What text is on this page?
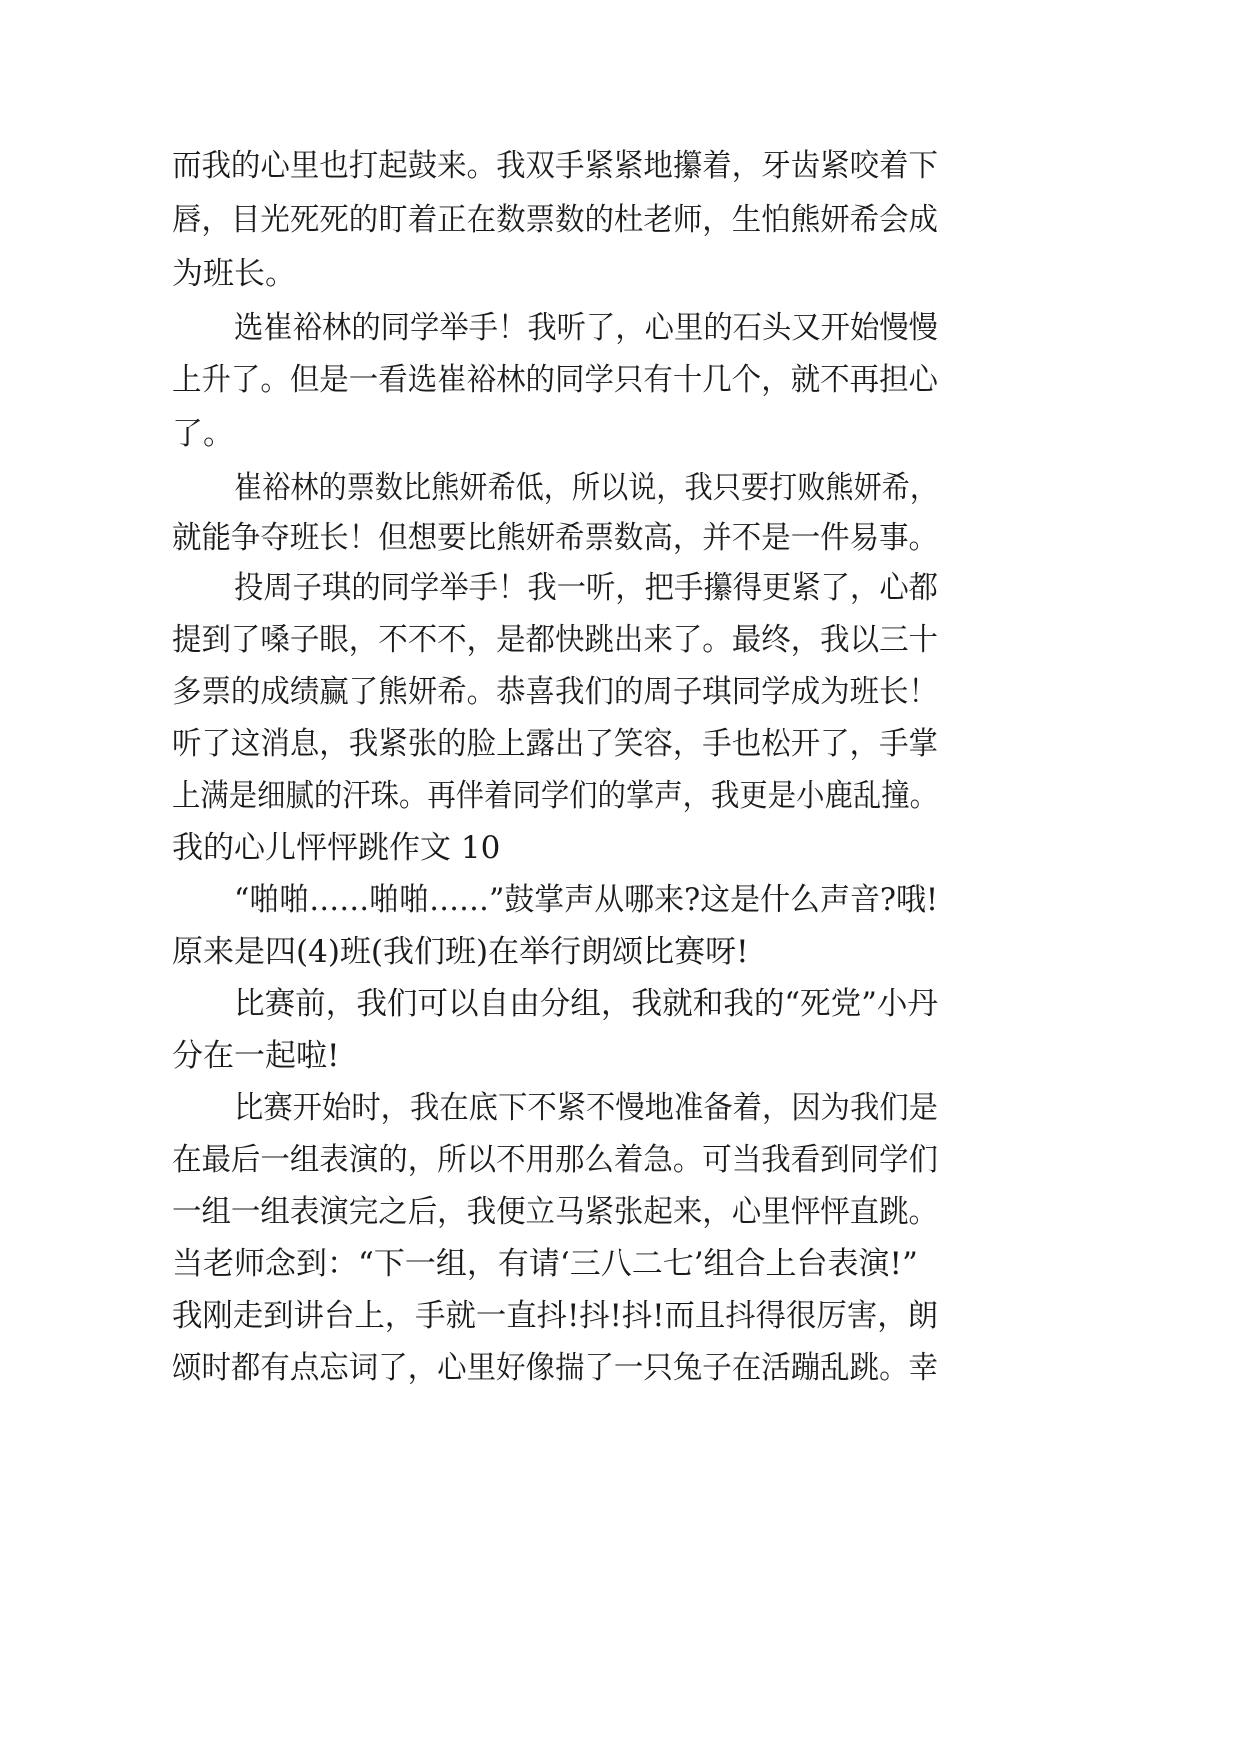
而我的心里也打起鼓来。我双手紧紧地攥着，牙齿紧咬着下
唇，目光死死的盯着正在数票数的杜老师，生怕熊妍希会成
为班长。
选崔裕林的同学举手！我听了，心里的石头又开始慢慢
上升了。但是一看选崔裕林的同学只有十几个，就不再担心
了。
崔裕林的票数比熊妍希低，所以说，我只要打败熊妍希，
就能争夺班长！但想要比熊妍希票数高，并不是一件易事。
投周子琪的同学举手！我一听，把手攥得更紧了，心都
提到了嗓子眼，不不不，是都快跳出来了。最终，我以三十
多票的成绩赢了熊妍希。恭喜我们的周子琪同学成为班长！
听了这消息，我紧张的脸上露出了笑容，手也松开了，手掌
上满是细腻的汗珠。再伴着同学们的掌声，我更是小鹿乱撞。
我的心儿怦怦跳作文 10
“啪啪……啪啪……”鼓掌声从哪来?这是什么声音?哦!
原来是四(4)班(我们班)在举行朗颂比赛呀!
比赛前，我们可以自由分组，我就和我的“死党”小丹
分在一起啦!
比赛开始时，我在底下不紧不慢地准备着，因为我们是
在最后一组表演的，所以不用那么着急。可当我看到同学们
一组一组表演完之后，我便立马紧张起来，心里怦怦直跳。
当老师念到：“下一组，有请‘三八二七’组合上台表演!”
我刚走到讲台上，手就一直抖!抖!抖!而且抖得很厉害，朗
颂时都有点忘词了，心里好像揣了一只兔子在活蹦乱跳。幸
